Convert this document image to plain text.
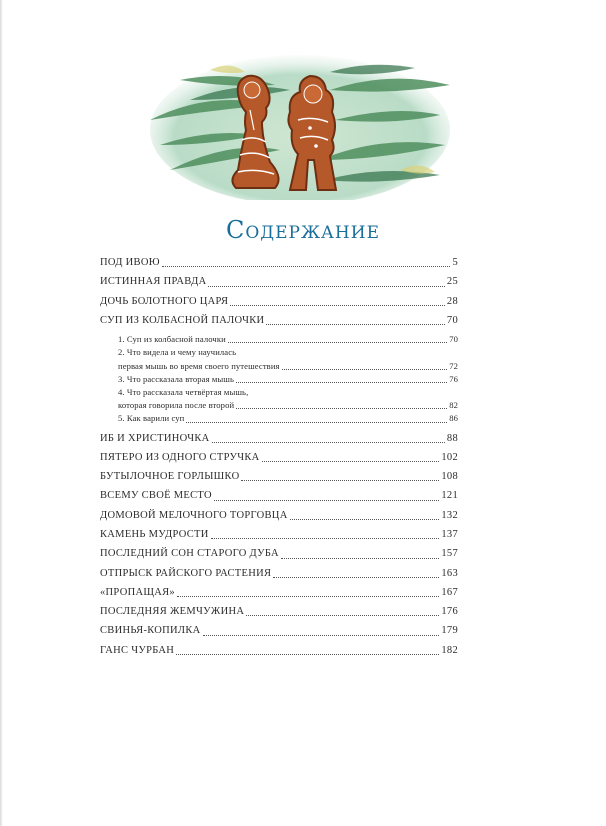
Содержание
ПОД ИВОЮ	5
ИСТИННАЯ ПРАВДА	25
ДОЧЬ БОЛОТНОГО ЦАРЯ	28
СУП ИЗ КОЛБАСНОЙ ПАЛОЧКИ	70
1. Суп из колбасной палочки	70
2. Что видела и чему научилась
первая мышь во время своего путешествия	72
3. Что рассказала вторая мышь	76
4. Что рассказала четвёртая мышь,
которая говорила после второй	82
5. Как варили суп	86
ИБ И ХРИСТИНОЧКА	88
ПЯТЕРО ИЗ ОДНОГО СТРУЧКА	102
БУТЫЛОЧНОЕ ГОРЛЫШКО	108
ВСЕМУ СВОЁ МЕСТО	121
ДОМОВОЙ МЕЛОЧНОГО ТОРГОВЦА	132
КАМЕНЬ МУДРОСТИ	137
ПОСЛЕДНИЙ СОН СТАРОГО ДУБА	157
ОТПРЫСК РАЙСКОГО РАСТЕНИЯ	163
«ПРОПАЩАЯ»	167
ПОСЛЕДНЯЯ ЖЕМЧУЖИНА	176
СВИНЬЯ-КОПИЛКА	179
ГАНС ЧУРБАН	182
